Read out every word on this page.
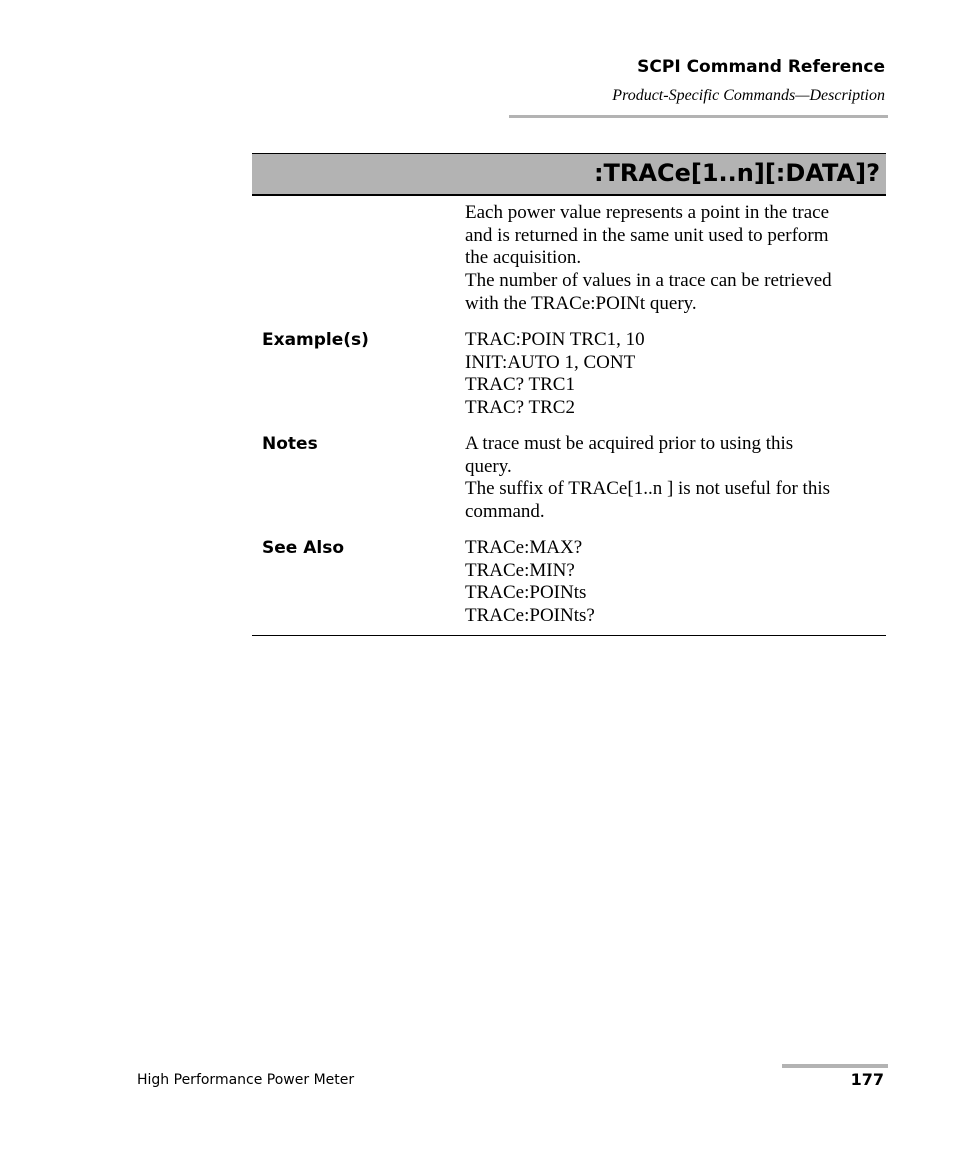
SCPI Command Reference
Product-Specific Commands—Description
:TRACe[1..n][:DATA]?
Each power value represents a point in the trace
and is returned in the same unit used to perform
the acquisition.
The number of values in a trace can be retrieved
with the TRACe:POINt query.
Example(s)	TRAC:POIN TRC1, 10
INIT:AUTO 1, CONT
TRAC? TRC1
TRAC? TRC2
Notes	A trace must be acquired prior to using this
query.
The suffix of TRACe[1..n ] is not useful for this
command.
See Also	TRACe:MAX?
TRACe:MIN?
TRACe:POINts
TRACe:POINts?
High Performance Power Meter	177
